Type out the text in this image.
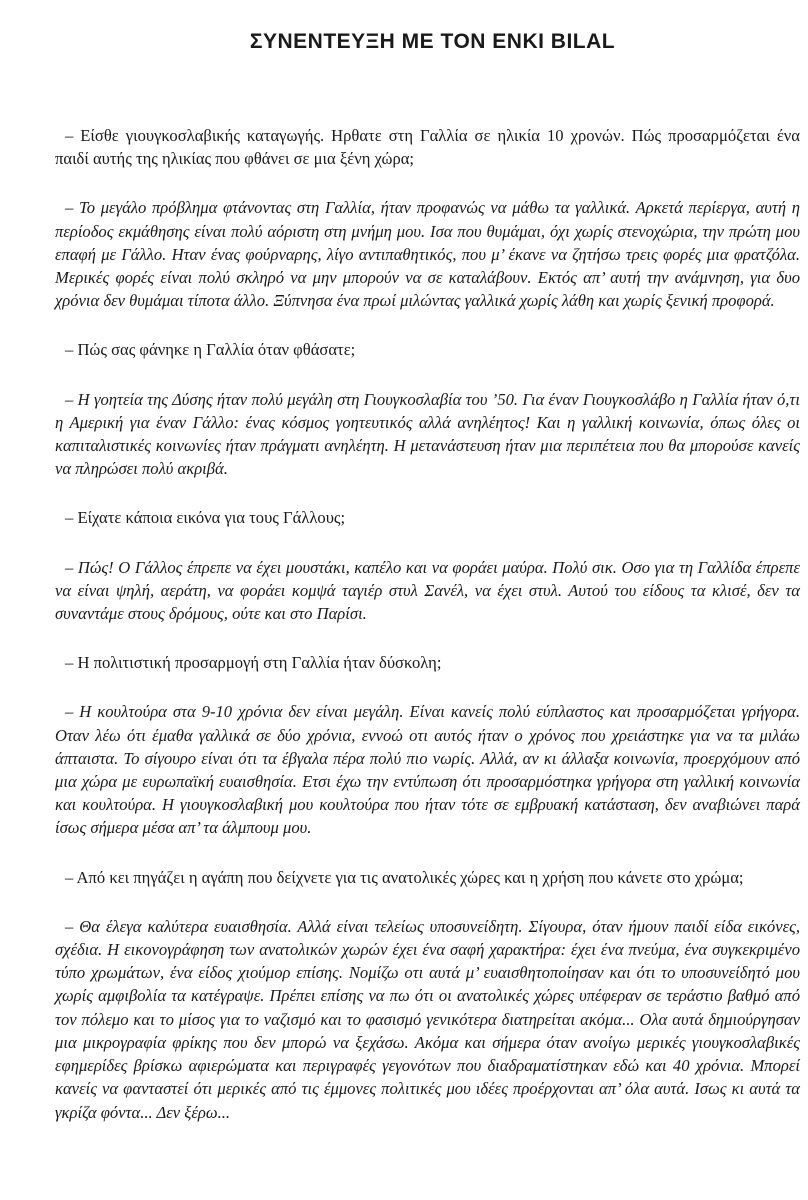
ΣΥΝΕΝΤΕΥΞΗ ΜΕ ΤΟΝ ENKI BILAL

– Είσθε γιουγκοσλαβικής καταγωγής. Ηρθατε στη Γαλλία σε ηλικία 10 χρονών. Πώς προσαρμόζεται ένα παιδί αυτής της ηλικίας που φθάνει σε μια ξένη χώρα;

– Το μεγάλο πρόβλημα φτάνοντας στη Γαλλία, ήταν προφανώς να μάθω τα γαλλικά. Αρκετά περίεργα, αυτή η περίοδος εκμάθησης είναι πολύ αόριστη στη μνήμη μου. Ισα που θυμάμαι, όχι χωρίς στενοχώρια, την πρώτη μου επαφή με Γάλλο. Ηταν ένας φούρναρης, λίγο αντιπαθητικός, που μ’ έκανε να ζητήσω τρεις φορές μια φρατζόλα. Μερικές φορές είναι πολύ σκληρό να μην μπορούν να σε καταλάβουν. Εκτός απ’ αυτή την ανάμνηση, για δυο χρόνια δεν θυμάμαι τίποτα άλλο. Ξύπνησα ένα πρωί μιλώντας γαλλικά χωρίς λάθη και χωρίς ξενική προφορά.

– Πώς σας φάνηκε η Γαλλία όταν φθάσατε;

– Η γοητεία της Δύσης ήταν πολύ μεγάλη στη Γιουγκοσλαβία του ’50. Για έναν Γιουγκοσλάβο η Γαλλία ήταν ό,τι η Αμερική για έναν Γάλλο: ένας κόσμος γοητευτικός αλλά ανηλέητος! Και η γαλλική κοινωνία, όπως όλες οι καπιταλιστικές κοινωνίες ήταν πράγματι ανηλέητη. Η μετανάστευση ήταν μια περιπέτεια που θα μπορούσε κανείς να πληρώσει πολύ ακριβά.

– Είχατε κάποια εικόνα για τους Γάλλους;

– Πώς! Ο Γάλλος έπρεπε να έχει μουστάκι, καπέλο και να φοράει μαύρα. Πολύ σικ. Οσο για τη Γαλλίδα έπρεπε να είναι ψηλή, αεράτη, να φοράει κομψά ταγιέρ στυλ Σανέλ, να έχει στυλ. Αυτού του είδους τα κλισέ, δεν τα συναντάμε στους δρόμους, ούτε και στο Παρίσι.

– Η πολιτιστική προσαρμογή στη Γαλλία ήταν δύσκολη;

– Η κουλτούρα στα 9-10 χρόνια δεν είναι μεγάλη. Είναι κανείς πολύ εύπλαστος και προσαρμόζεται γρήγορα. Οταν λέω ότι έμαθα γαλλικά σε δύο χρόνια, εννοώ οτι αυτός ήταν ο χρόνος που χρειάστηκε για να τα μιλάω άπταιστα. Το σίγουρο είναι ότι τα έβγαλα πέρα πολύ πιο νωρίς. Αλλά, αν κι άλλαξα κοινωνία, προερχόμουν από μια χώρα με ευρωπαϊκή ευαισθησία. Ετσι έχω την εντύπωση ότι προσαρμόστηκα γρήγορα στη γαλλική κοινωνία και κουλτούρα. Η γιουγκοσλαβική μου κουλτούρα που ήταν τότε σε εμβρυακή κατάσταση, δεν αναβιώνει παρά ίσως σήμερα μέσα απ’ τα άλμπουμ μου.

– Από κει πηγάζει η αγάπη που δείχνετε για τις ανατολικές χώρες και η χρήση που κάνετε στο χρώμα;

– Θα έλεγα καλύτερα ευαισθησία. Αλλά είναι τελείως υποσυνείδητη. Σίγουρα, όταν ήμουν παιδί είδα εικόνες, σχέδια. Η εικονογράφηση των ανατολικών χωρών έχει ένα σαφή χαρακτήρα: έχει ένα πνεύμα, ένα συγκεκριμένο τύπο χρωμάτων, ένα είδος χιούμορ επίσης. Νομίζω οτι αυτά μ’ ευαισθητοποίησαν και ότι το υποσυνείδητό μου χωρίς αμφιβολία τα κατέγραψε. Πρέπει επίσης να πω ότι οι ανατολικές χώρες υπέφεραν σε τεράστιο βαθμό από τον πόλεμο και το μίσος για το ναζισμό και το φασισμό γενικότερα διατηρείται ακόμα... Ολα αυτά δημιούργησαν μια μικρογραφία φρίκης που δεν μπορώ να ξεχάσω. Ακόμα και σήμερα όταν ανοίγω μερικές γιουγκοσλαβικές εφημερίδες βρίσκω αφιερώματα και περιγραφές γεγονότων που διαδραματίστηκαν εδώ και 40 χρόνια. Μπορεί κανείς να φανταστεί ότι μερικές από τις έμμονες πολιτικές μου ιδέες προέρχονται απ’ όλα αυτά. Ισως κι αυτά τα γκρίζα φόντα... Δεν ξέρω...
